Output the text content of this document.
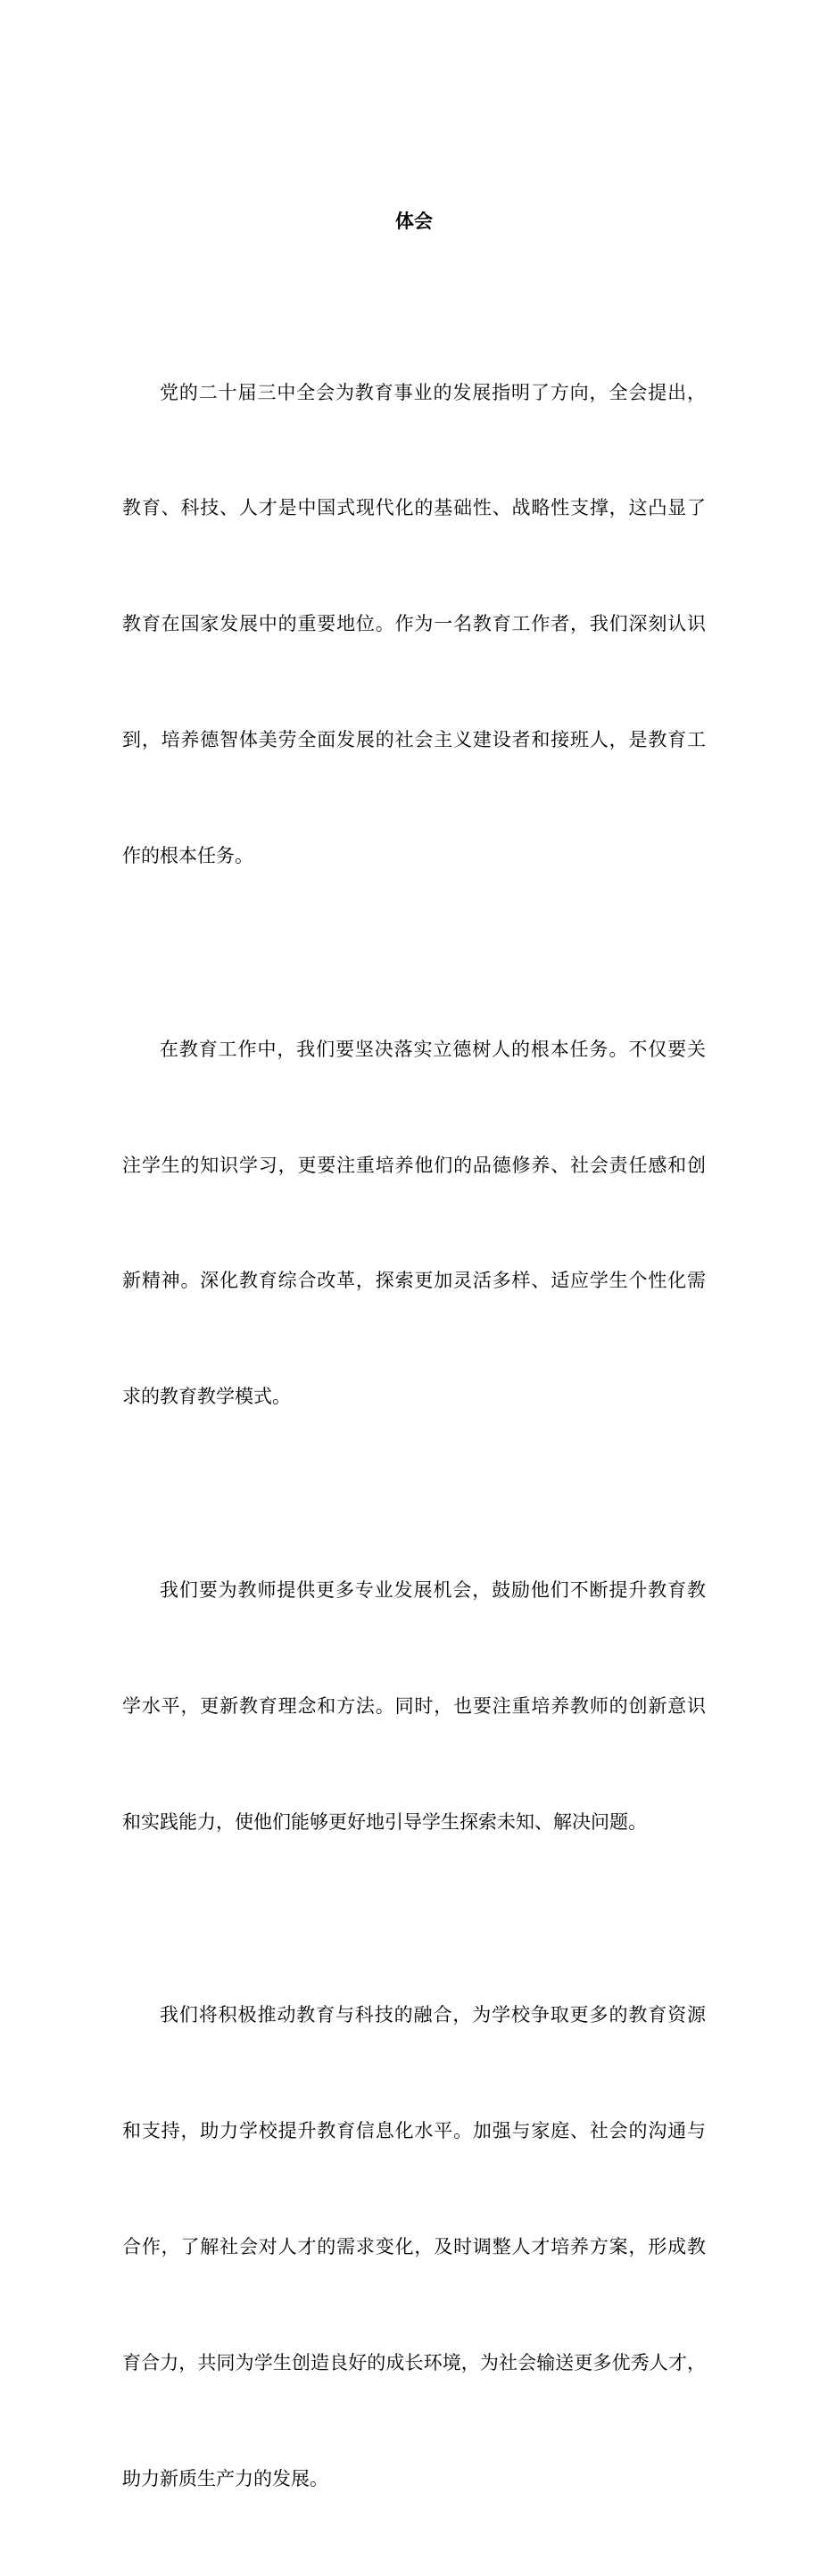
体会

党的二十届三中全会为教育事业的发展指明了方向，全会提出，

教育、科技、人才是中国式现代化的基础性、战略性支撑，这凸显了

教育在国家发展中的重要地位。作为一名教育工作者，我们深刻认识

到，培养德智体美劳全面发展的社会主义建设者和接班人，是教育工

作的根本任务。

在教育工作中，我们要坚决落实立德树人的根本任务。不仅要关

注学生的知识学习，更要注重培养他们的品德修养、社会责任感和创

新精神。深化教育综合改革，探索更加灵活多样、适应学生个性化需

求的教育教学模式。

我们要为教师提供更多专业发展机会，鼓励他们不断提升教育教

学水平，更新教育理念和方法。同时，也要注重培养教师的创新意识

和实践能力，使他们能够更好地引导学生探索未知、解决问题。

我们将积极推动教育与科技的融合，为学校争取更多的教育资源

和支持，助力学校提升教育信息化水平。加强与家庭、社会的沟通与

合作，了解社会对人才的需求变化，及时调整人才培养方案，形成教

育合力，共同为学生创造良好的成长环境，为社会输送更多优秀人才，

助力新质生产力的发展。
